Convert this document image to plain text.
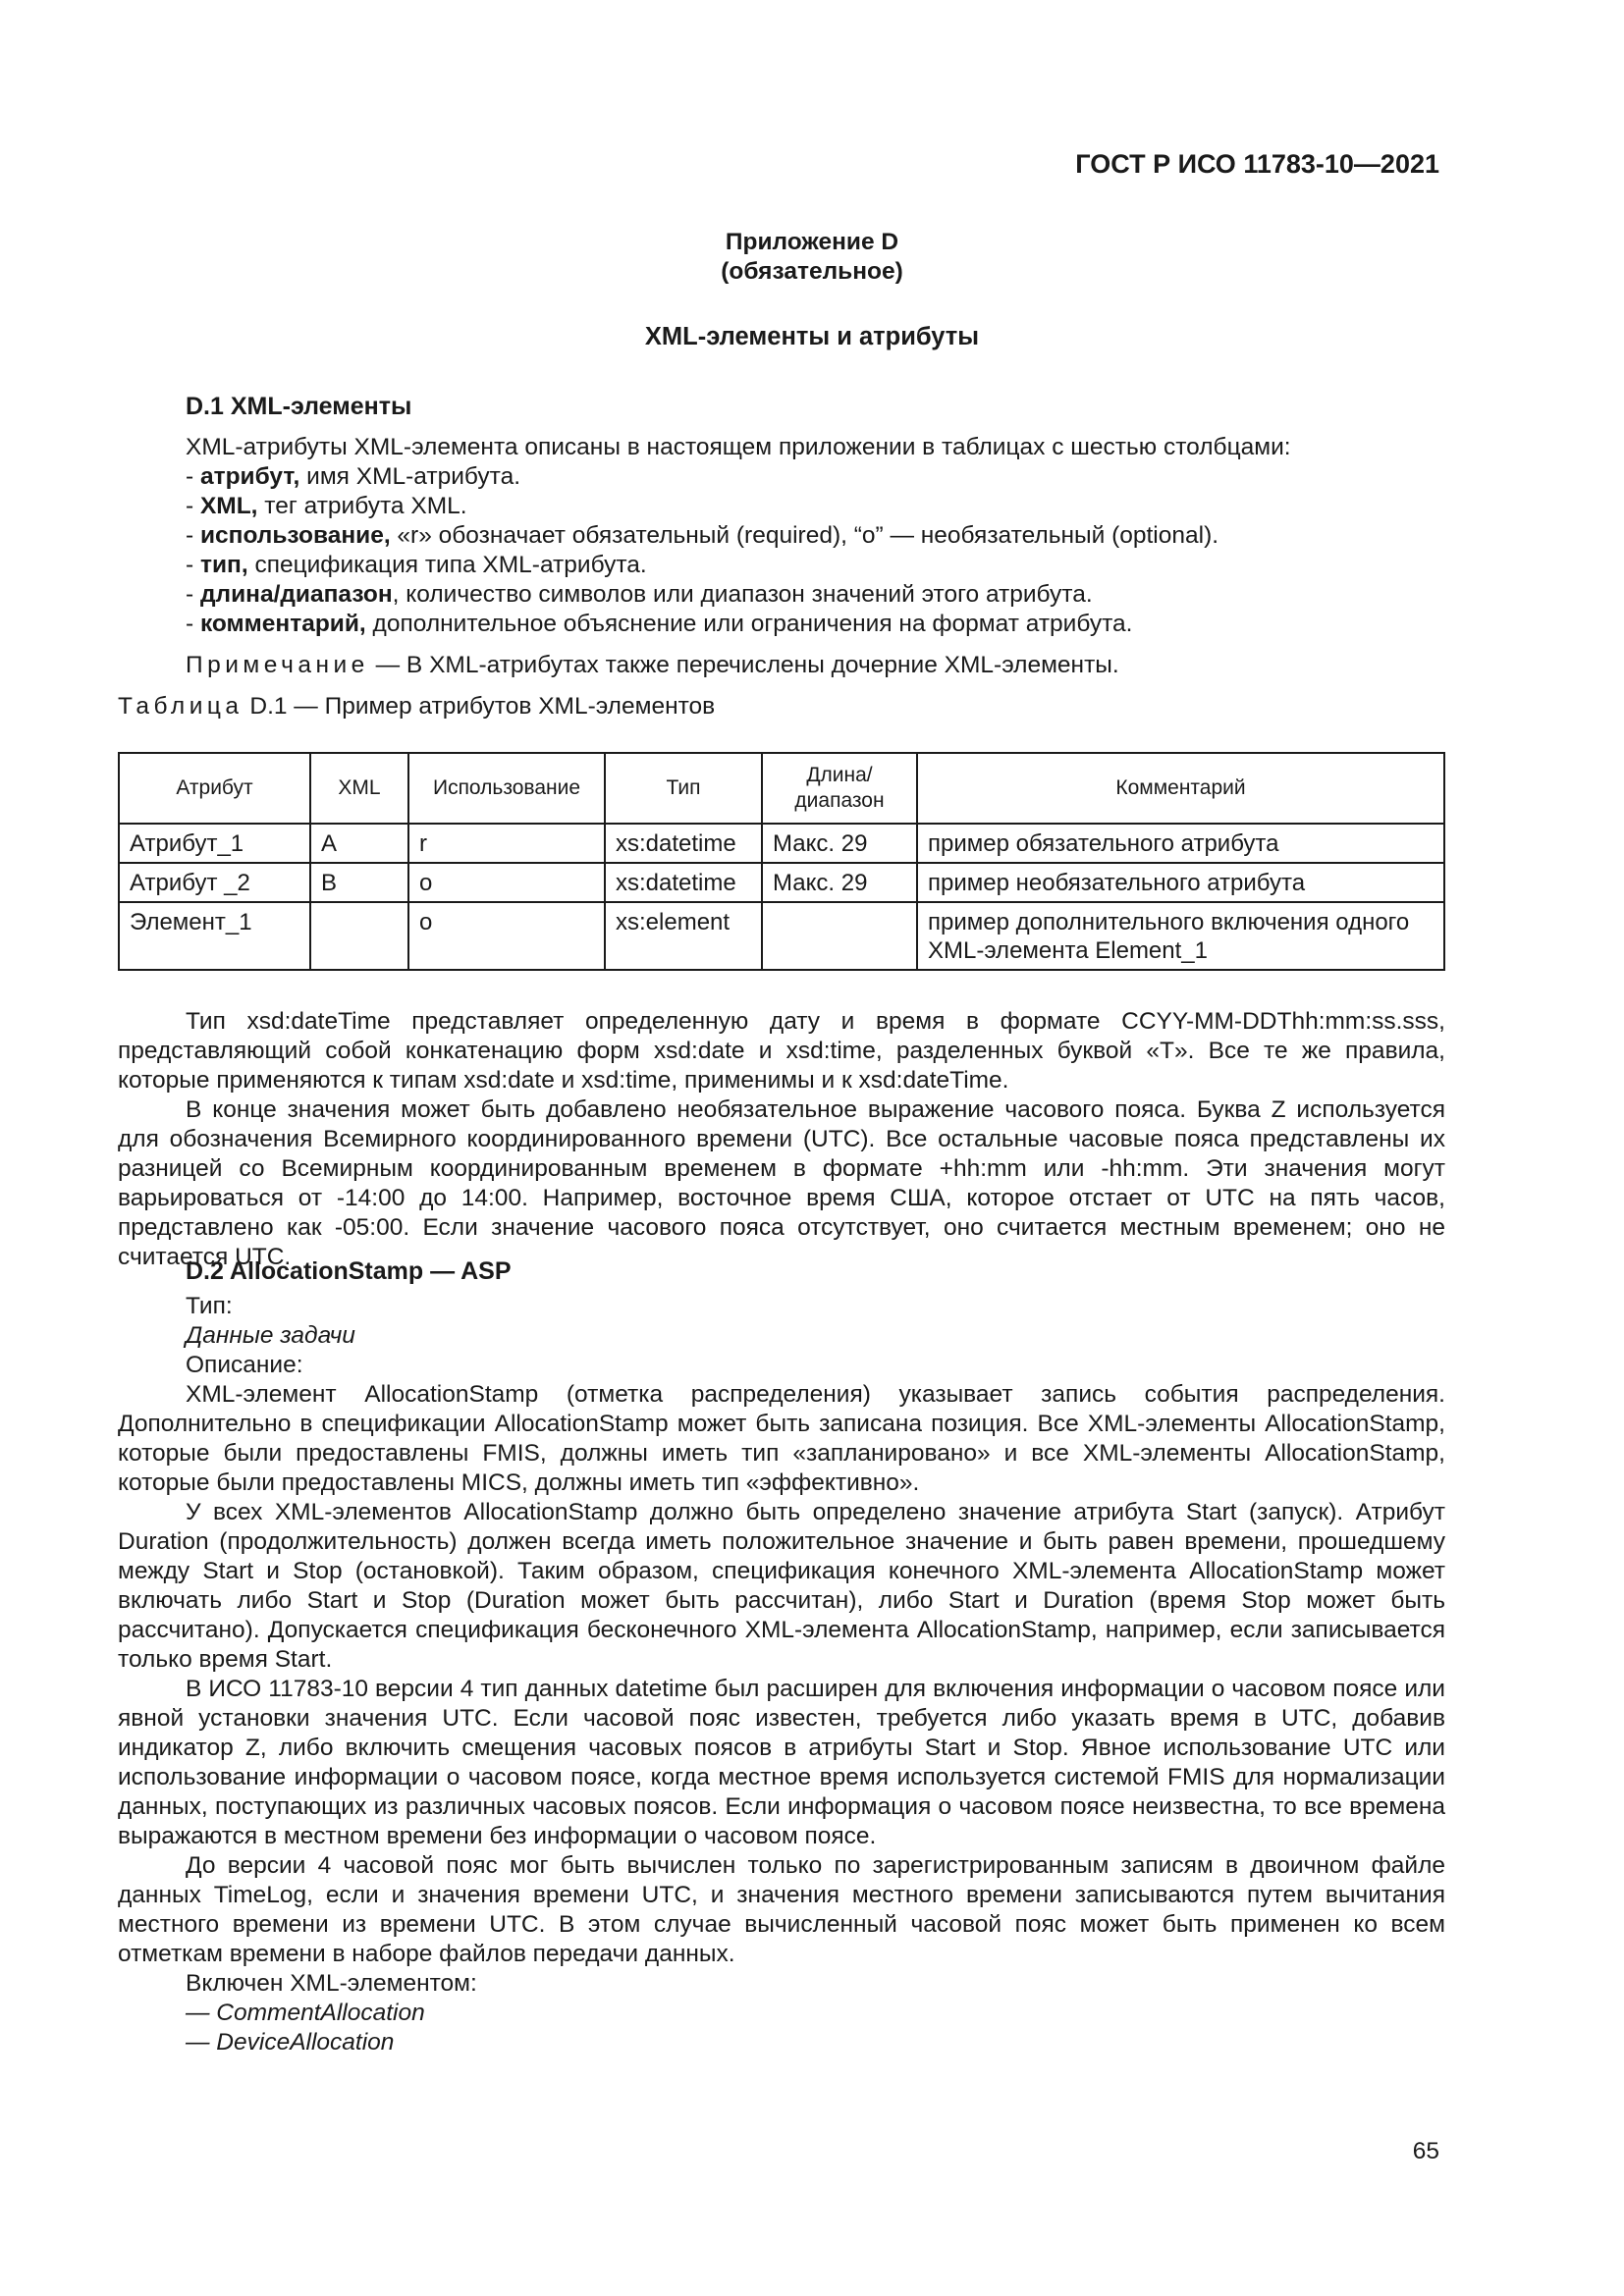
ГОСТ Р ИСО 11783-10—2021
Приложение D
(обязательное)
XML-элементы и атрибуты

D.1 XML-элементы

XML-атрибуты XML-элемента описаны в настоящем приложении в таблицах с шестью столбцами:

- атрибут, имя XML-атрибута.

- XML, тег атрибута XML.

- использование, «r» обозначает обязательный (required), “о” — необязательный (optional).

- тип, спецификация типа XML-атрибута.

- длина/диапазон, количество символов или диапазон значений этого атрибута.

- комментарий, дополнительное объяснение или ограничения на формат атрибута.

Примечание — В XML-атрибутах также перечислены дочерние XML-элементы.

Таблица D.1 — Пример атрибутов XML-элементов

Атрибут	XML	Использование	Тип	Длина/
диапазон	Комментарий
Атрибут_1	A	r	xs:datetime	Макс. 29	пример обязательного атрибута
Атрибут _2	B	o	xs:datetime	Макс. 29	пример необязательного атрибута
Элемент_1		o	xs:element		пример дополнительного включения одного
XML-элемента Element_1

Тип xsd:dateTime представляет определенную дату и время в формате CCYY-MM-DDThh:mm:ss.sss, представляющий собой конкатенацию форм xsd:date и xsd:time, разделенных буквой «T». Все те же правила, которые применяются к типам xsd:date и xsd:time, применимы и к xsd:dateTime.

В конце значения может быть добавлено необязательное выражение часового пояса. Буква Z используется для обозначения Всемирного координированного времени (UTC). Все остальные часовые пояса представлены их разницей со Всемирным координированным временем в формате +hh:mm или -hh:mm. Эти значения могут варьироваться от -14:00 до 14:00. Например, восточное время США, которое отстает от UTC на пять часов, представлено как -05:00. Если значение часового пояса отсутствует, оно считается местным временем; оно не считается UTC.

D.2 AllocationStamp — ASP

Тип:

Данные задачи

Описание:

XML-элемент AllocationStamp (отметка распределения) указывает запись события распределения. Дополнительно в спецификации AllocationStamp может быть записана позиция. Все XML-элементы AllocationStamp, которые были предоставлены FMIS, должны иметь тип «запланировано» и все XML-элементы AllocationStamp, которые были предоставлены MICS, должны иметь тип «эффективно».

У всех XML-элементов AllocationStamp должно быть определено значение атрибута Start (запуск). Атрибут Duration (продолжительность) должен всегда иметь положительное значение и быть равен времени, прошедшему между Start и Stop (остановкой). Таким образом, спецификация конечного XML-элемента AllocationStamp может включать либо Start и Stop (Duration может быть рассчитан), либо Start и Duration (время Stop может быть рассчитано). Допускается спецификация бесконечного XML-элемента AllocationStamp, например, если записывается только время Start.

В ИСО 11783-10 версии 4 тип данных datetime был расширен для включения информации о часовом поясе или явной установки значения UTC. Если часовой пояс известен, требуется либо указать время в UTC, добавив индикатор Z, либо включить смещения часовых поясов в атрибуты Start и Stop. Явное использование UTC или использование информации о часовом поясе, когда местное время используется системой FMIS для нормализации данных, поступающих из различных часовых поясов. Если информация о часовом поясе неизвестна, то все времена выражаются в местном времени без информации о часовом поясе.

До версии 4 часовой пояс мог быть вычислен только по зарегистрированным записям в двоичном файле данных TimeLog, если и значения времени UTC, и значения местного времени записываются путем вычитания местного времени из времени UTC. В этом случае вычисленный часовой пояс может быть применен ко всем отметкам времени в наборе файлов передачи данных.

Включен XML-элементом:

— CommentAllocation

— DeviceAllocation

65
